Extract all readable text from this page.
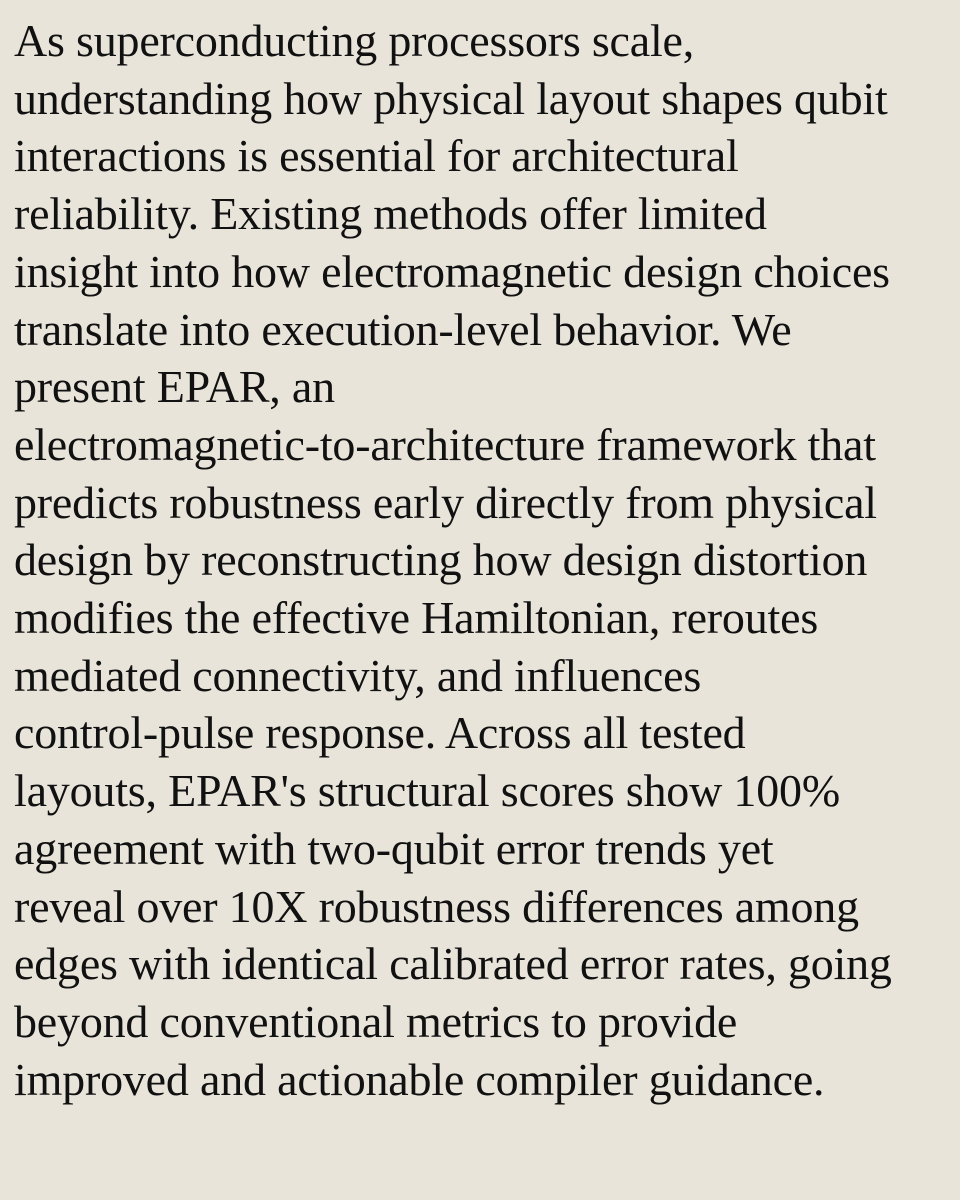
As superconducting processors scale,
understanding how physical layout shapes qubit
interactions is essential for architectural
reliability. Existing methods offer limited
insight into how electromagnetic design choices
translate into execution-level behavior. We
present EPAR, an
electromagnetic-to-architecture framework that
predicts robustness early directly from physical
design by reconstructing how design distortion
modifies the effective Hamiltonian, reroutes
mediated connectivity, and influences
control-pulse response. Across all tested
layouts, EPAR's structural scores show 100%
agreement with two-qubit error trends yet
reveal over 10X robustness differences among
edges with identical calibrated error rates, going
beyond conventional metrics to provide
improved and actionable compiler guidance.
